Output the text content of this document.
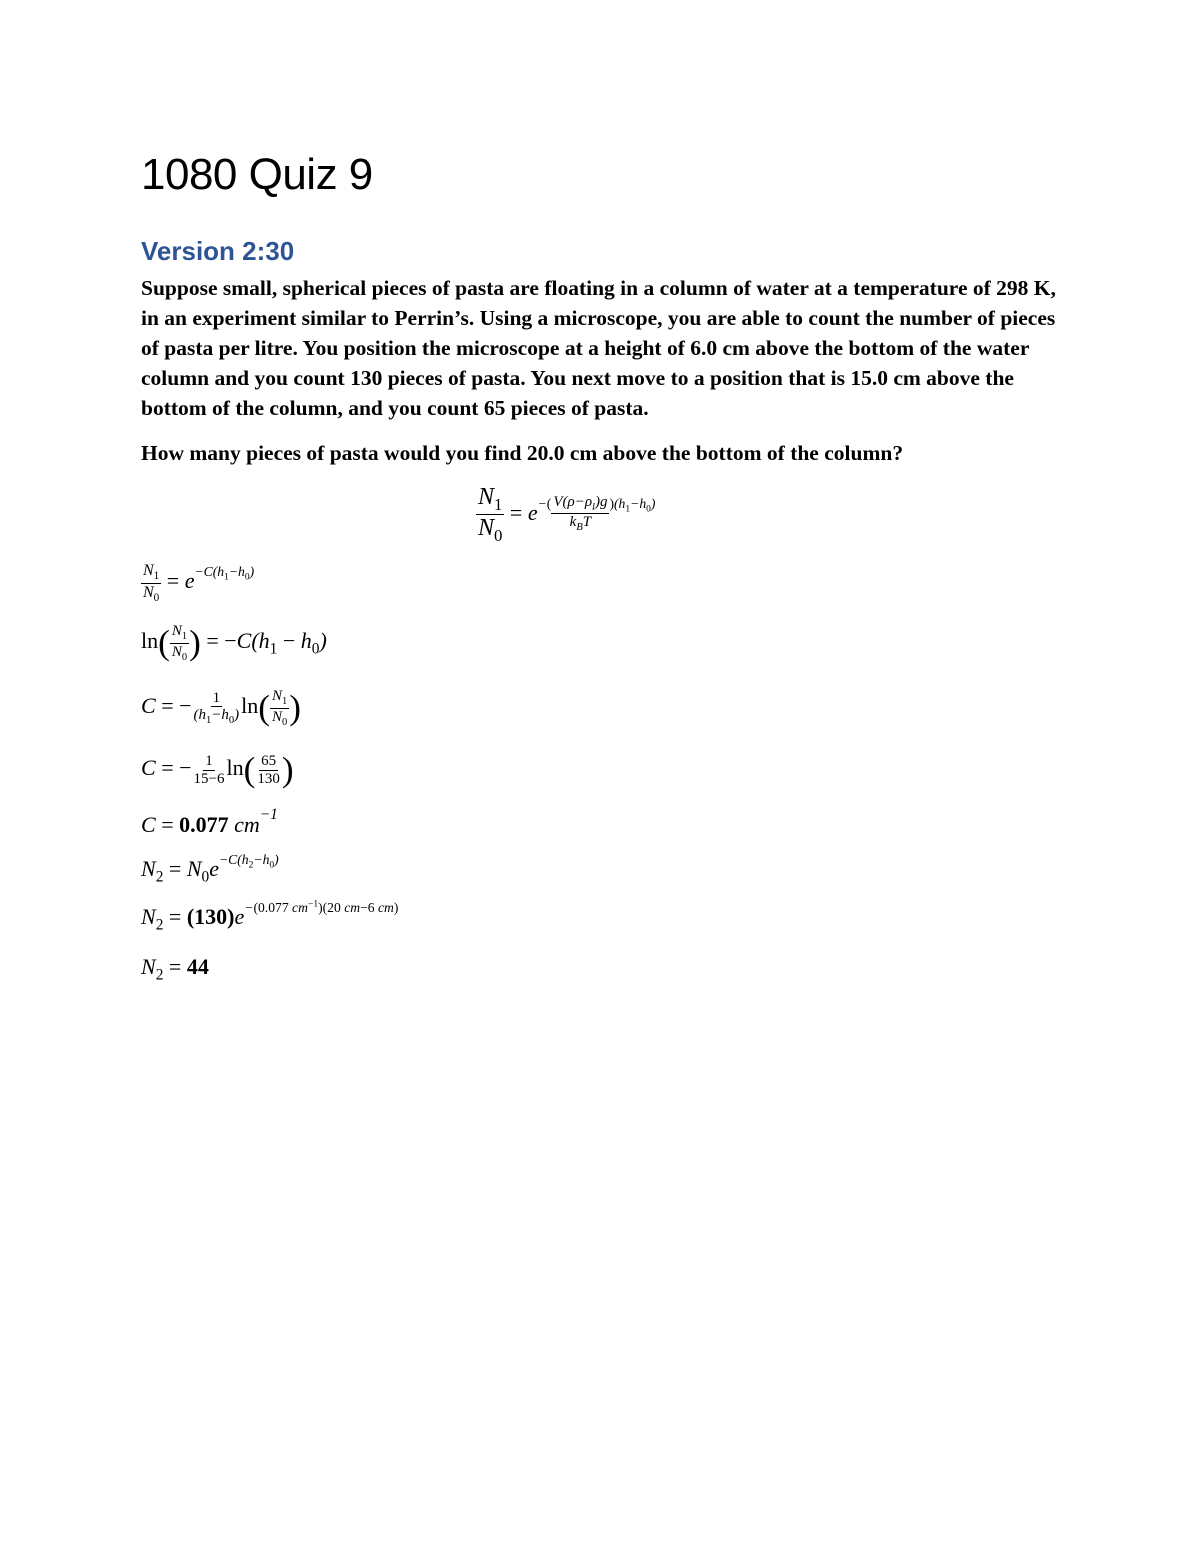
1080 Quiz 9
Version 2:30

Suppose small, spherical pieces of pasta are floating in a column of water at a temperature of 298 K, in an experiment similar to Perrin’s. Using a microscope, you are able to count the number of pieces of pasta per litre. You position the microscope at a height of 6.0 cm above the bottom of the water column and you count 130 pieces of pasta. You next move to a position that is 15.0 cm above the bottom of the column, and you count 65 pieces of pasta.

How many pieces of pasta would you find 20.0 cm above the bottom of the column?

$\frac{N_1}{N_0} = e^{-( \frac{V(\rho-\rho_l)g}{k_BT} )(h_1-h_0)}$
$\frac{N_1}{N_0} = e^{-C(h_1-h_0)}$
$\ln( \frac{N_1}{N_0}$ ) = $-C(h_1 - h_0)$
C = − $\frac{1}{(h_1-h_0)} \ln( \frac{N_1}{N_0}$ )
C = − $\frac{1}{15-6} \ln( \frac{65}{130}$ )
C = 0.077 $cm^{-1}$
$N_2 = N_0e^{-C(h_2-h_0)}$
$N_2 = (130)e^{-(0.077 cm^{-1})(20 cm-6 cm)}$
$N_2 = 44$
